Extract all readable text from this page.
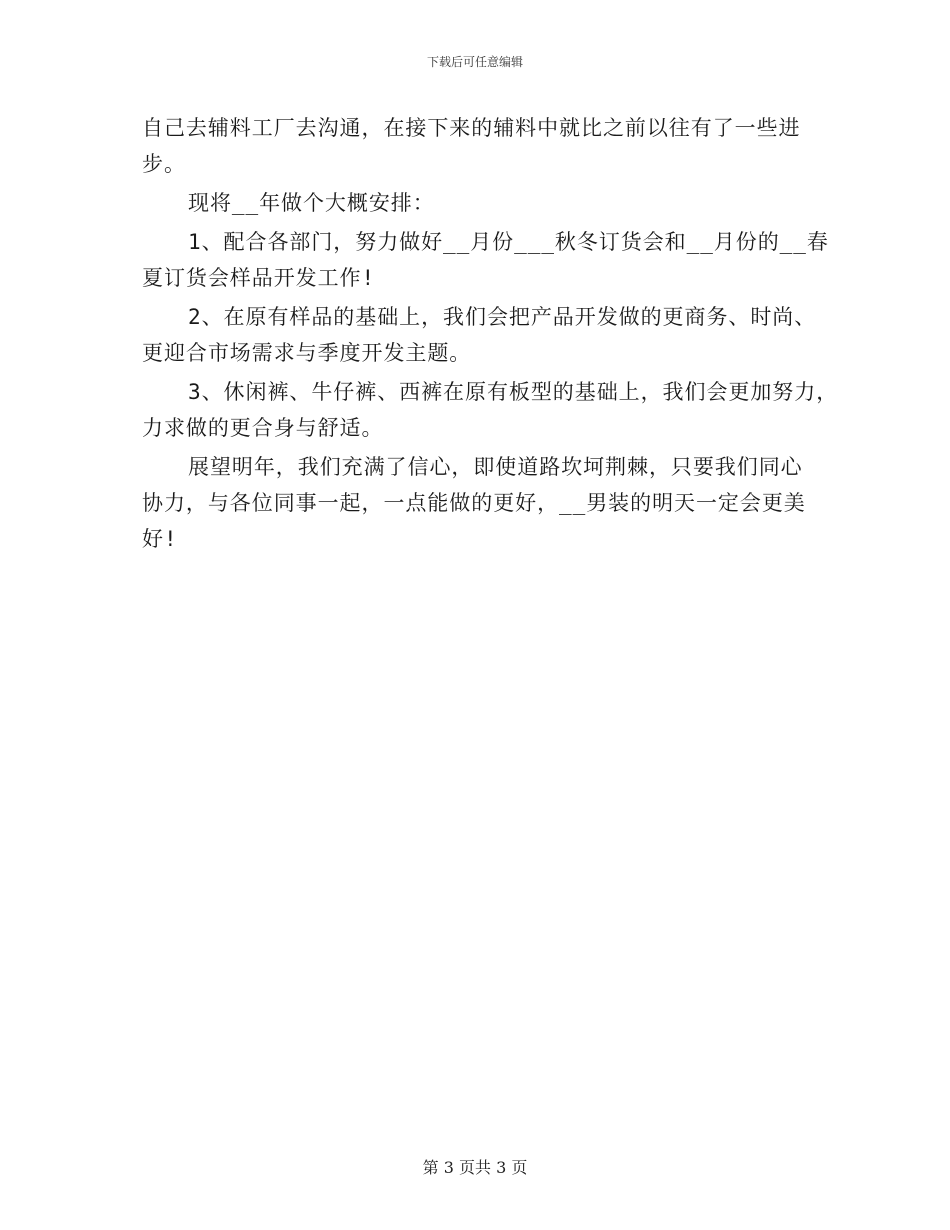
下载后可任意编辑
自己去辅料工厂去沟通，在接下来的辅料中就比之前以往有了一些进
步。
现将__年做个大概安排：
1、配合各部门，努力做好__月份___秋冬订货会和__月份的__春
夏订货会样品开发工作!
2、在原有样品的基础上，我们会把产品开发做的更商务、时尚、
更迎合市场需求与季度开发主题。
3、休闲裤、牛仔裤、西裤在原有板型的基础上，我们会更加努力，
力求做的更合身与舒适。
展望明年，我们充满了信心，即使道路坎坷荆棘，只要我们同心
协力，与各位同事一起，一点能做的更好，__男装的明天一定会更美
好!
第 3 页共 3 页
